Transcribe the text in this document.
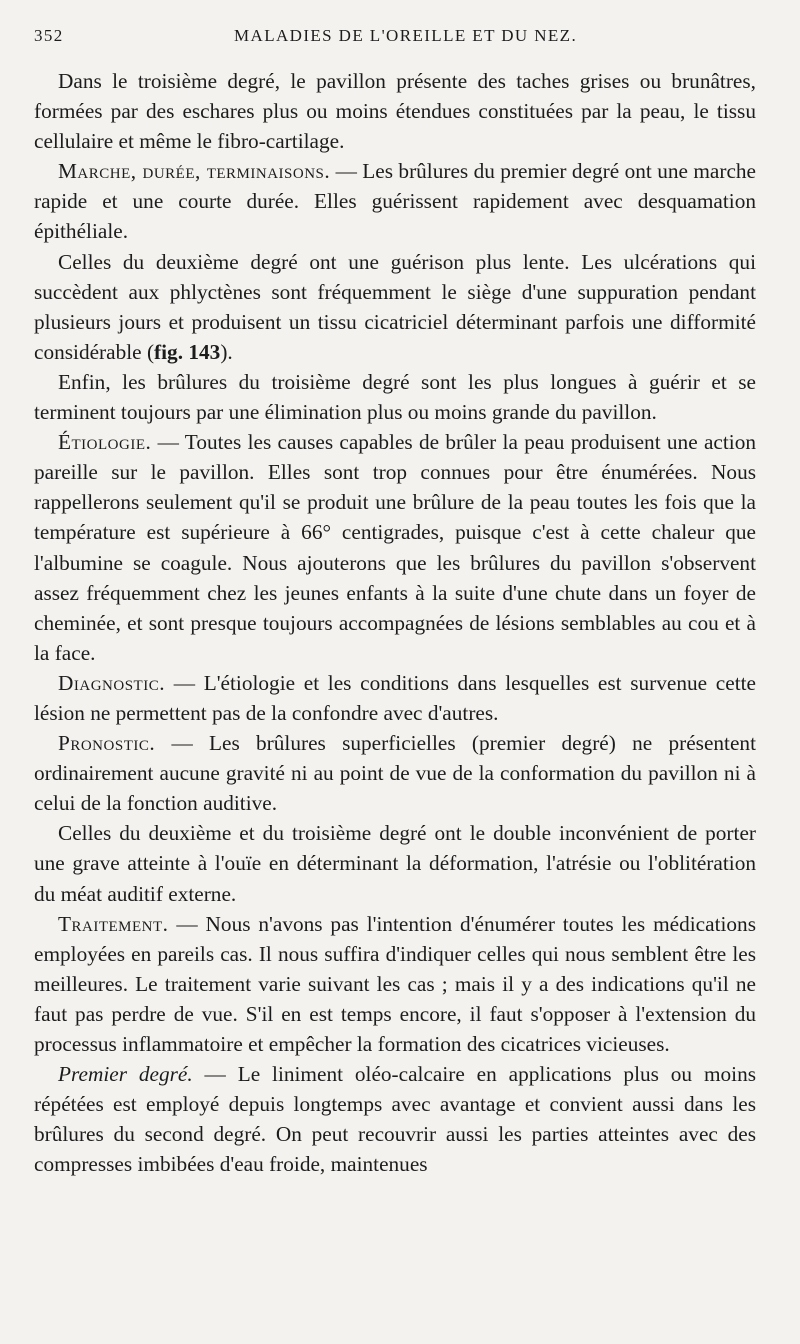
352	MALADIES DE L'OREILLE ET DU NEZ.

Dans le troisième degré, le pavillon présente des taches grises ou brunâtres, formées par des eschares plus ou moins étendues constituées par la peau, le tissu cellulaire et même le fibro-cartilage.

Marche, durée, terminaisons. — Les brûlures du premier degré ont une marche rapide et une courte durée. Elles guérissent rapidement avec desquamation épithéliale.

Celles du deuxième degré ont une guérison plus lente. Les ulcérations qui succèdent aux phlyctènes sont fréquemment le siège d'une suppuration pendant plusieurs jours et produisent un tissu cicatriciel déterminant parfois une difformité considérable (fig. 143).

Enfin, les brûlures du troisième degré sont les plus longues à guérir et se terminent toujours par une élimination plus ou moins grande du pavillon.

Étiologie. — Toutes les causes capables de brûler la peau produisent une action pareille sur le pavillon. Elles sont trop connues pour être énumérées. Nous rappellerons seulement qu'il se produit une brûlure de la peau toutes les fois que la température est supérieure à 66° centigrades, puisque c'est à cette chaleur que l'albumine se coagule. Nous ajouterons que les brûlures du pavillon s'observent assez fréquemment chez les jeunes enfants à la suite d'une chute dans un foyer de cheminée, et sont presque toujours accompagnées de lésions semblables au cou et à la face.

Diagnostic. — L'étiologie et les conditions dans lesquelles est survenue cette lésion ne permettent pas de la confondre avec d'autres.

Pronostic. — Les brûlures superficielles (premier degré) ne présentent ordinairement aucune gravité ni au point de vue de la conformation du pavillon ni à celui de la fonction auditive.

Celles du deuxième et du troisième degré ont le double inconvénient de porter une grave atteinte à l'ouïe en déterminant la déformation, l'atrésie ou l'oblitération du méat auditif externe.

Traitement. — Nous n'avons pas l'intention d'énumérer toutes les médications employées en pareils cas. Il nous suffira d'indiquer celles qui nous semblent être les meilleures. Le traitement varie suivant les cas ; mais il y a des indications qu'il ne faut pas perdre de vue. S'il en est temps encore, il faut s'opposer à l'extension du processus inflammatoire et empêcher la formation des cicatrices vicieuses.

Premier degré. — Le liniment oléo-calcaire en applications plus ou moins répétées est employé depuis longtemps avec avantage et convient aussi dans les brûlures du second degré. On peut recouvrir aussi les parties atteintes avec des compresses imbibées d'eau froide, maintenues
